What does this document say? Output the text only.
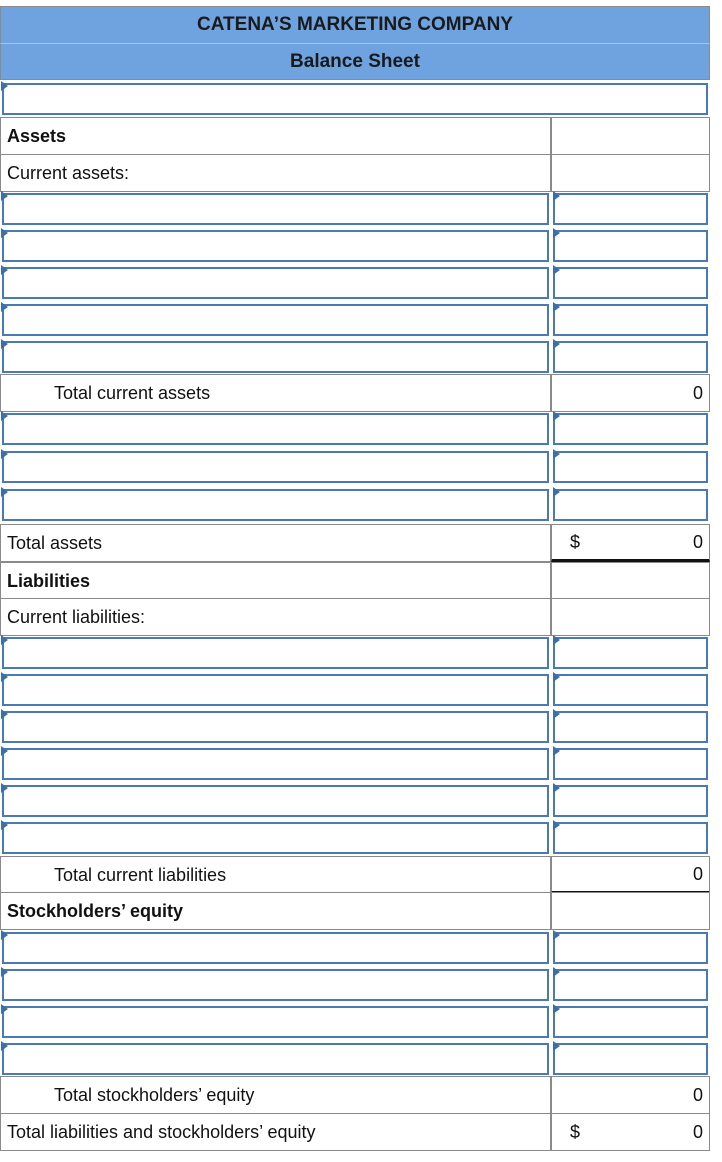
CATENA’S MARKETING COMPANY
Balance Sheet
Assets
Current assets:
Total current assets	0
Total assets	$	0
Liabilities
Current liabilities:
Total current liabilities	0
Stockholders’ equity
Total stockholders’ equity	0
Total liabilities and stockholders’ equity	$	0
